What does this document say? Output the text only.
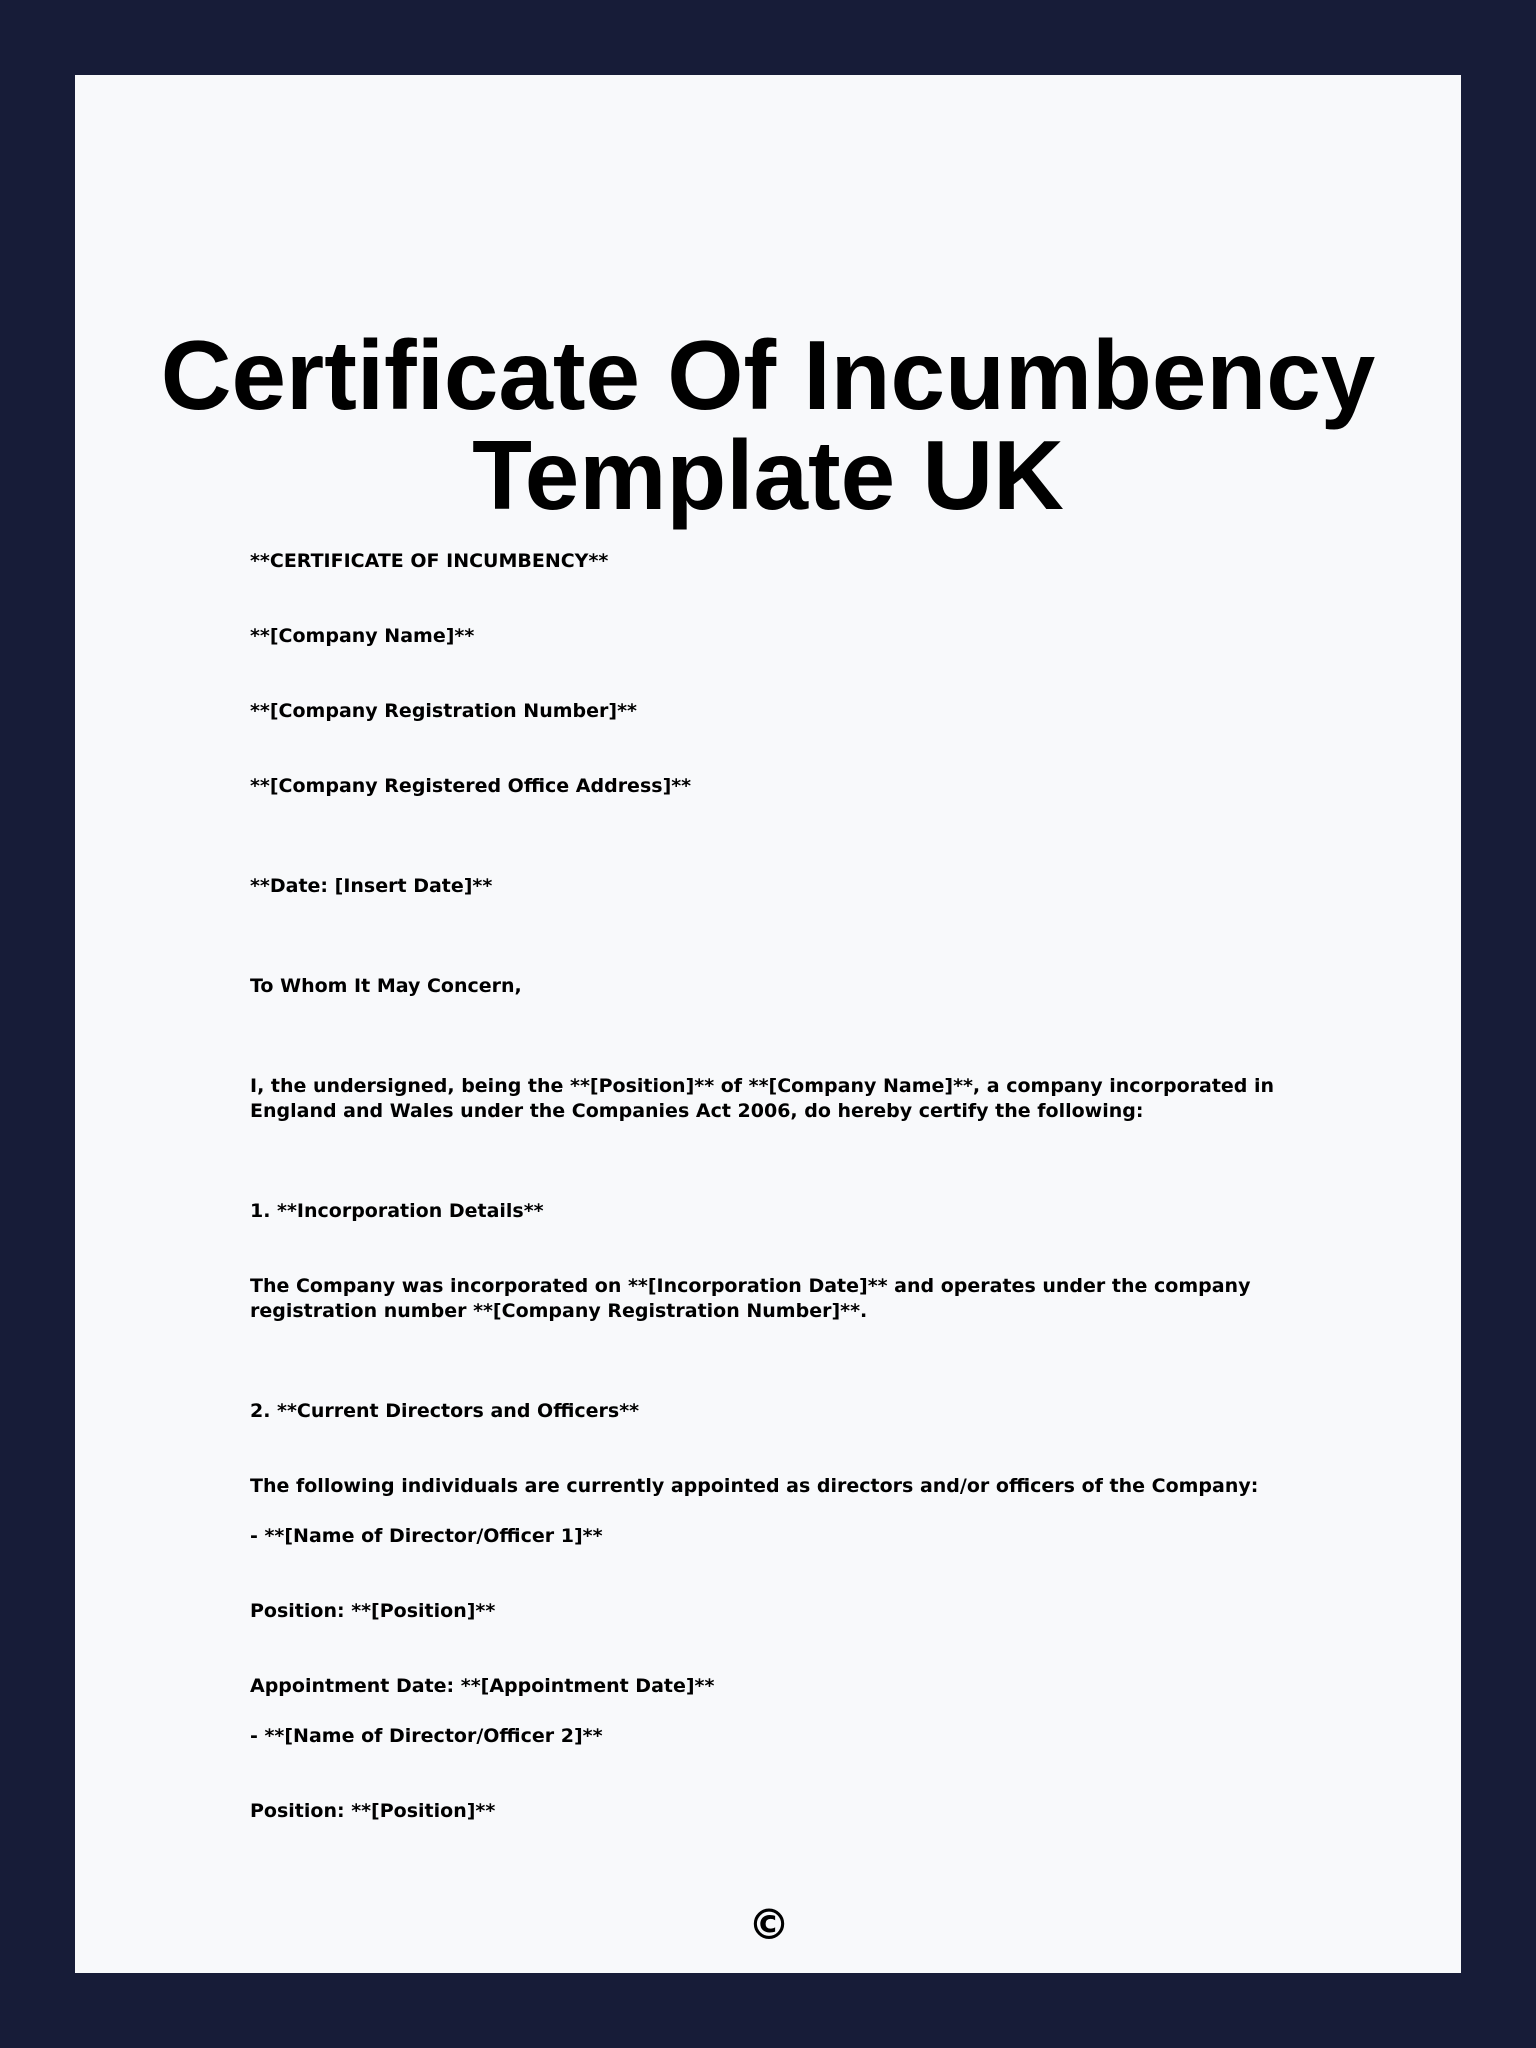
Certificate Of Incumbency
Template UK

**CERTIFICATE OF INCUMBENCY**

**[Company Name]**

**[Company Registration Number]**

**[Company Registered Office Address]**

**Date: [Insert Date]**

To Whom It May Concern,

I, the undersigned, being the **[Position]** of **[Company Name]**, a company incorporated in England and Wales under the Companies Act 2006, do hereby certify the following:

1. **Incorporation Details**

The Company was incorporated on **[Incorporation Date]** and operates under the company registration number **[Company Registration Number]**.

2. **Current Directors and Officers**

The following individuals are currently appointed as directors and/or officers of the Company:

- **[Name of Director/Officer 1]**

Position: **[Position]**

Appointment Date: **[Appointment Date]**

- **[Name of Director/Officer 2]**

Position: **[Position]**

©
